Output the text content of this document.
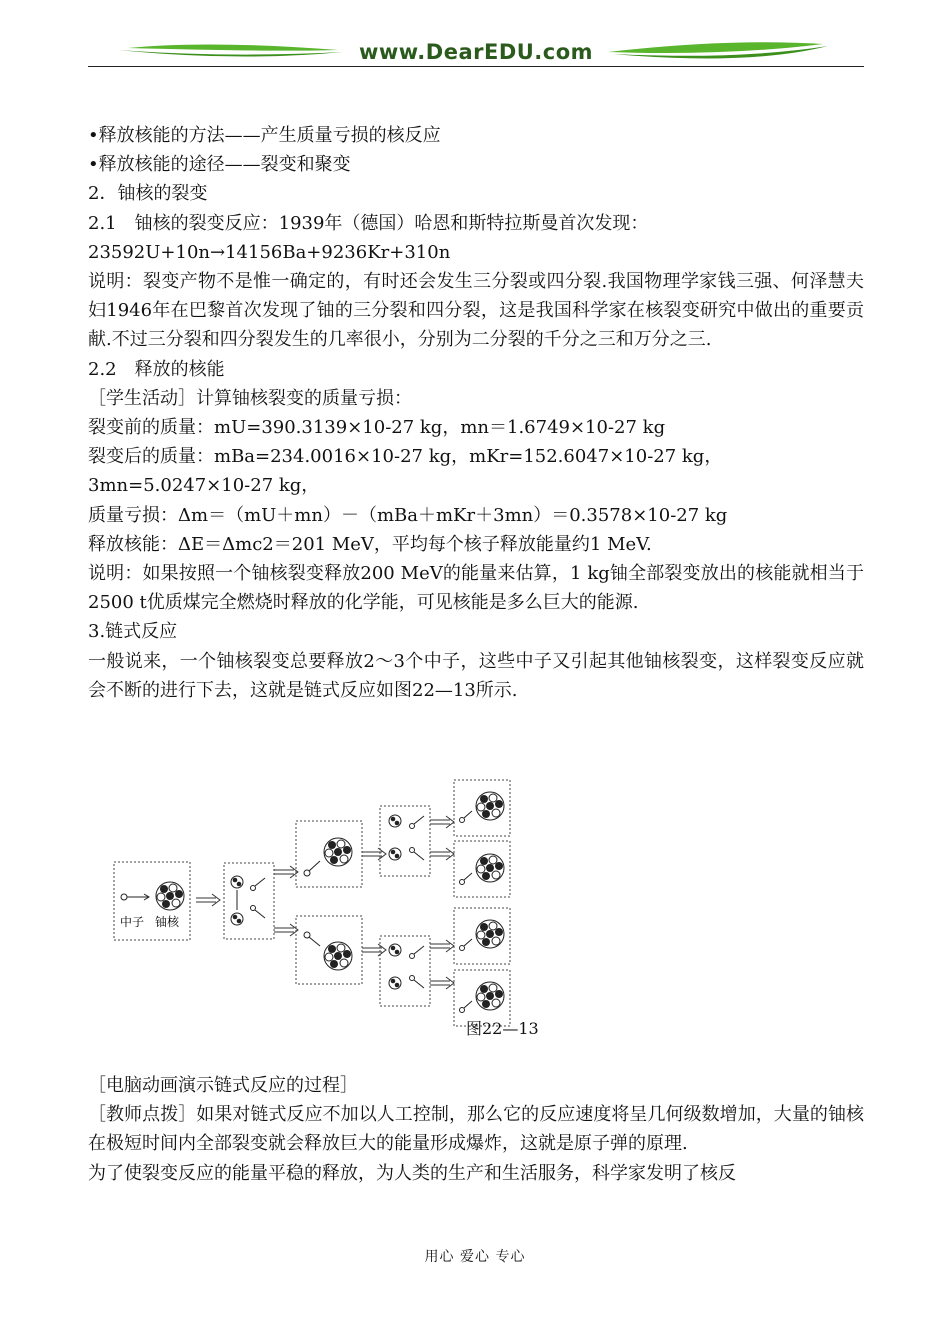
www.DearEDU.com
•释放核能的方法——产生质量亏损的核反应
•释放核能的途径——裂变和聚变
2．铀核的裂变
2.1　铀核的裂变反应：1939年（德国）哈恩和斯特拉斯曼首次发现：
23592U+10n→14156Ba+9236Kr+310n
说明：裂变产物不是惟一确定的，有时还会发生三分裂或四分裂.我国物理学家钱三强、何泽慧夫妇1946年在巴黎首次发现了铀的三分裂和四分裂，这是我国科学家在核裂变研究中做出的重要贡献.不过三分裂和四分裂发生的几率很小，分别为二分裂的千分之三和万分之三.
2.2　释放的核能
［学生活动］计算铀核裂变的质量亏损：
裂变前的质量：mU=390.3139×10-27 kg，mn＝1.6749×10-27 kg
裂变后的质量：mBa=234.0016×10-27 kg，mKr=152.6047×10-27 kg，
3mn=5.0247×10-27 kg，
质量亏损：Δm＝（mU＋mn）－（mBa＋mKr＋3mn）＝0.3578×10-27 kg
释放核能：ΔE＝Δmc2＝201 MeV，平均每个核子释放能量约1 MeV.
说明：如果按照一个铀核裂变释放200 MeV的能量来估算，1 kg铀全部裂变放出的核能就相当于2500 t优质煤完全燃烧时释放的化学能，可见核能是多么巨大的能源.
3.链式反应
一般说来，一个铀核裂变总要释放2～3个中子，这些中子又引起其他铀核裂变，这样裂变反应就会不断的进行下去，这就是链式反应如图22—13所示.
中子 铀核
图22—13
［电脑动画演示链式反应的过程］
［教师点拨］如果对链式反应不加以人工控制，那么它的反应速度将呈几何级数增加，大量的铀核在极短时间内全部裂变就会释放巨大的能量形成爆炸，这就是原子弹的原理.
为了使裂变反应的能量平稳的释放，为人类的生产和生活服务，科学家发明了核反
用心 爱心 专心
